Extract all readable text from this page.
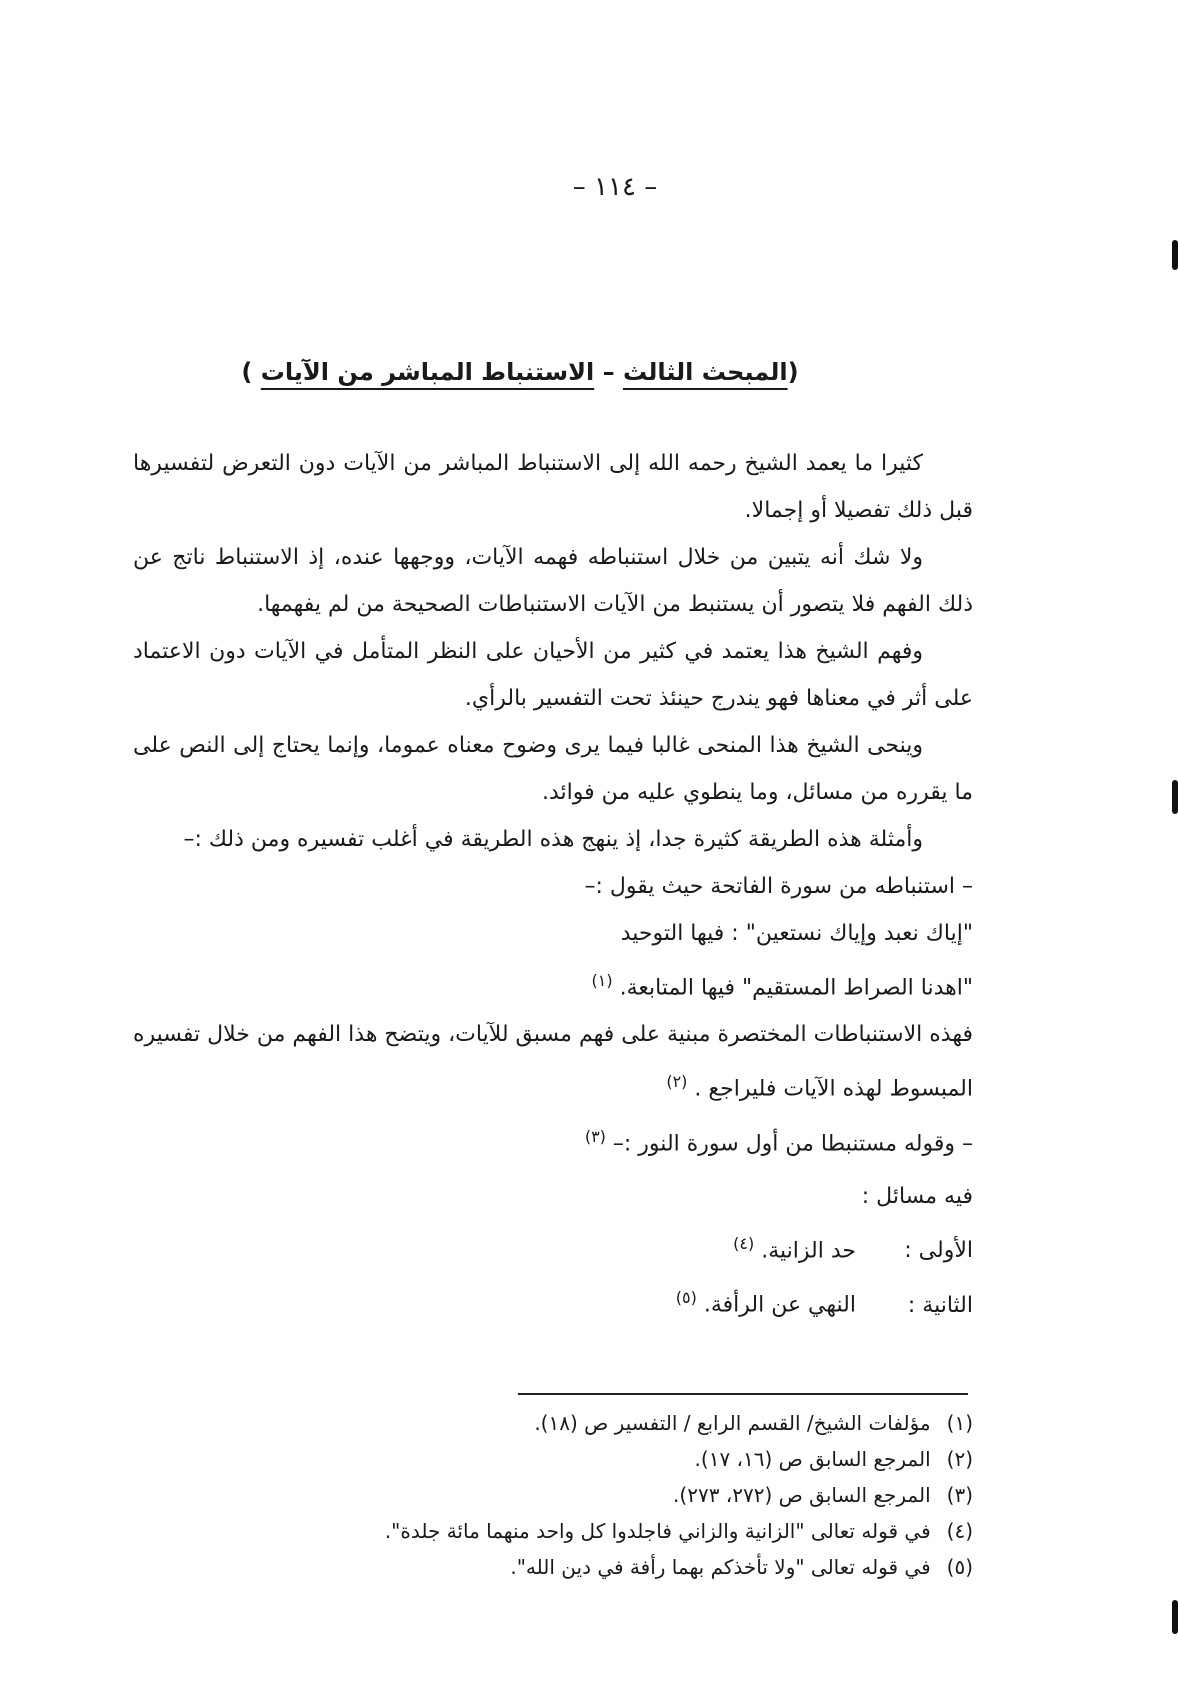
– ١١٤ –
(المبحث الثالث – الاستنباط المباشر من الآيات )

كثيرا ما يعمد الشيخ رحمه الله إلى الاستنباط المباشر من الآيات دون التعرض لتفسيرها قبل ذلك تفصيلا أو إجمالا.

ولا شك أنه يتبين من خلال استنباطه فهمه الآيات، ووجهها عنده، إذ الاستنباط ناتج عن ذلك الفهم فلا يتصور أن يستنبط من الآيات الاستنباطات الصحيحة من لم يفهمها.

وفهم الشيخ هذا يعتمد في كثير من الأحيان على النظر المتأمل في الآيات دون الاعتماد على أثر في معناها فهو يندرج حينئذ تحت التفسير بالرأي.

وينحى الشيخ هذا المنحى غالبا فيما يرى وضوح معناه عموما، وإنما يحتاج إلى النص على ما يقرره من مسائل، وما ينطوي عليه من فوائد.

وأمثلة هذه الطريقة كثيرة جدا، إذ ينهج هذه الطريقة في أغلب تفسيره ومن ذلك :–

– استنباطه من سورة الفاتحة حيث يقول :–

"إياك نعبد وإياك نستعين" : فيها التوحيد

"اهدنا الصراط المستقيم" فيها المتابعة. $^{(١)}$

فهذه الاستنباطات المختصرة مبنية على فهم مسبق للآيات، ويتضح هذا الفهم من خلال تفسيره المبسوط لهذه الآيات فليراجع . $^{(٢)}$

– وقوله مستنبطا من أول سورة النور :– $^{(٣)}$

فيه مسائل :

الأولى : حد الزانية. $^{(٤)}$

الثانية : النهي عن الرأفة. $^{(٥)}$

(١) مؤلفات الشيخ/ القسم الرابع / التفسير ص (١٨).

(٢) المرجع السابق ص (١٦، ١٧).

(٣) المرجع السابق ص (٢٧٢، ٢٧٣).

(٤) في قوله تعالى "الزانية والزاني فاجلدوا كل واحد منهما مائة جلدة".

(٥) في قوله تعالى "ولا تأخذكم بهما رأفة في دين الله".
